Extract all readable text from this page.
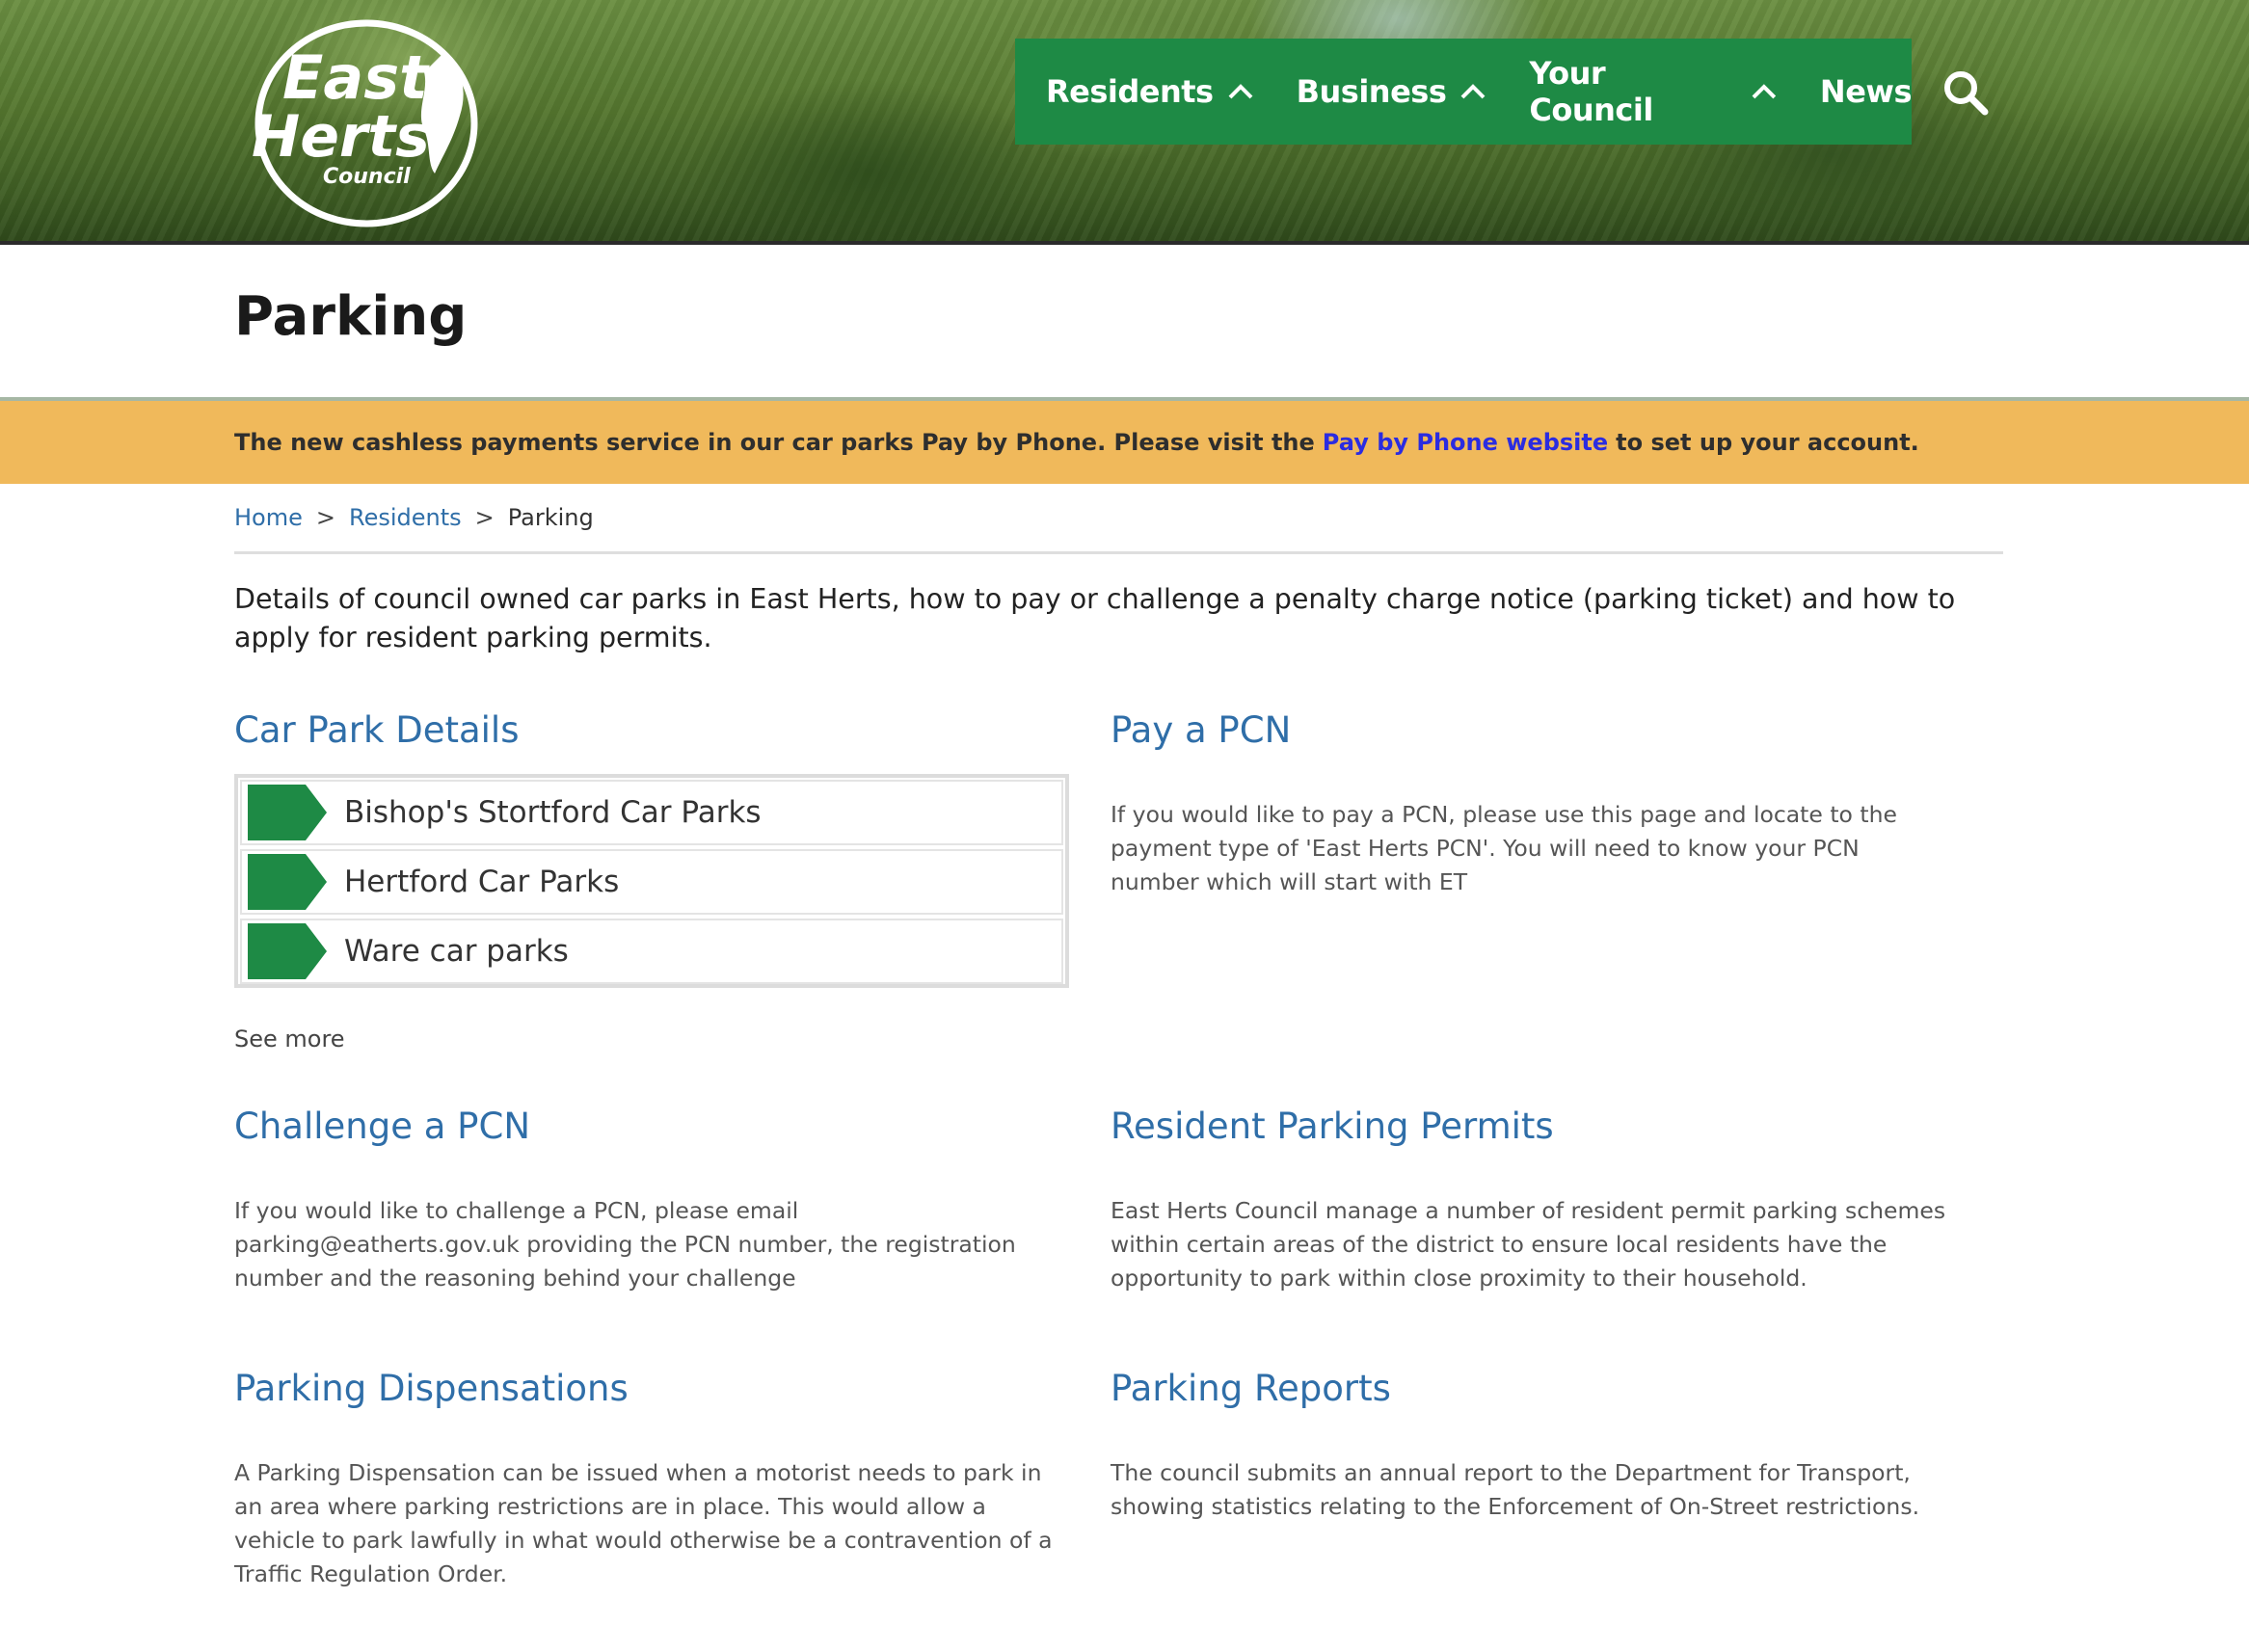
East
Herts
Council
Residents	Business	Your Council	News
Parking
The new cashless payments service in our car parks Pay by Phone. Please visit the Pay by Phone website to set up your account.
Home > Residents > Parking

Details of council owned car parks in East Herts, how to pay or challenge a penalty charge notice (parking ticket) and how to apply for resident parking permits.

Car Park Details
Bishop's Stortford Car Parks
Hertford Car Parks
Ware car parks
See more
Pay a PCN

If you would like to pay a PCN, please use this page and locate to the payment type of 'East Herts PCN'. You will need to know your PCN number which will start with ET

Challenge a PCN

If you would like to challenge a PCN, please email parking@eatherts.gov.uk providing the PCN number, the registration number and the reasoning behind your challenge

Resident Parking Permits

East Herts Council manage a number of resident permit parking schemes within certain areas of the district to ensure local residents have the opportunity to park within close proximity to their household.

Parking Dispensations

A Parking Dispensation can be issued when a motorist needs to park in an area where parking restrictions are in place. This would allow a vehicle to park lawfully in what would otherwise be a contravention of a Traffic Regulation Order.

Parking Reports

The council submits an annual report to the Department for Transport, showing statistics relating to the Enforcement of On-Street restrictions.
